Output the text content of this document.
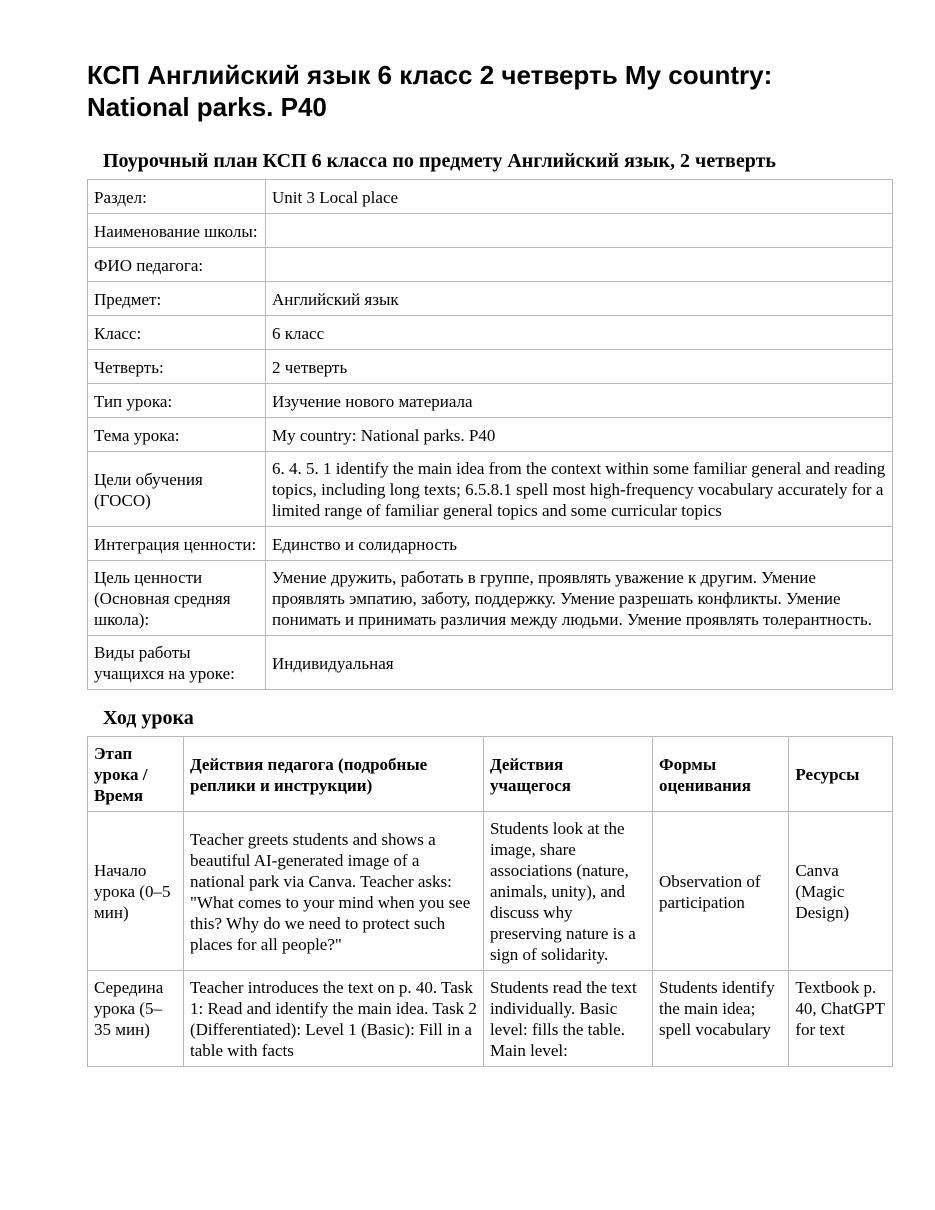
КСП Английский язык 6 класс 2 четверть My country: National parks. P40
Поурочный план КСП 6 класса по предмету Английский язык, 2 четверть
Раздел:	Unit 3 Local place
Наименование школы:	
ФИО педагога:	
Предмет:	Английский язык
Класс:	6 класс
Четверть:	2 четверть
Тип урока:	Изучение нового материала
Тема урока:	My country: National parks. P40
Цели обучения (ГОСО)	6. 4. 5. 1 identify the main idea from the context within some familiar general and reading topics, including long texts; 6.5.8.1 spell most high-frequency vocabulary accurately for a limited range of familiar general topics and some curricular topics
Интеграция ценности:	Единство и солидарность
Цель ценности (Основная средняя школа):	Умение дружить, работать в группе, проявлять уважение к другим. Умение проявлять эмпатию, заботу, поддержку. Умение разрешать конфликты. Умение понимать и принимать различия между людьми. Умение проявлять толерантность.
Виды работы учащихся на уроке:	Индивидуальная
Ход урока
Этап урока / Время	Действия педагога (подробные реплики и инструкции)	Действия учащегося	Формы оценивания	Ресурсы
Начало урока (0–5 мин)	Teacher greets students and shows a beautiful AI-generated image of a national park via Canva. Teacher asks: "What comes to your mind when you see this? Why do we need to protect such places for all people?"	Students look at the image, share associations (nature, animals, unity), and discuss why preserving nature is a sign of solidarity.	Observation of participation	Canva (Magic Design)

Середина урока (5–35 мин)	Teacher introduces the text on p. 40. Task 1: Read and identify the main idea. Task 2 (Differentiated): Level 1 (Basic): Fill in a table with facts	Students read the text individually. Basic level: fills the table. Main level:	Students identify the main idea; spell vocabulary	Textbook p. 40, ChatGPT for text
